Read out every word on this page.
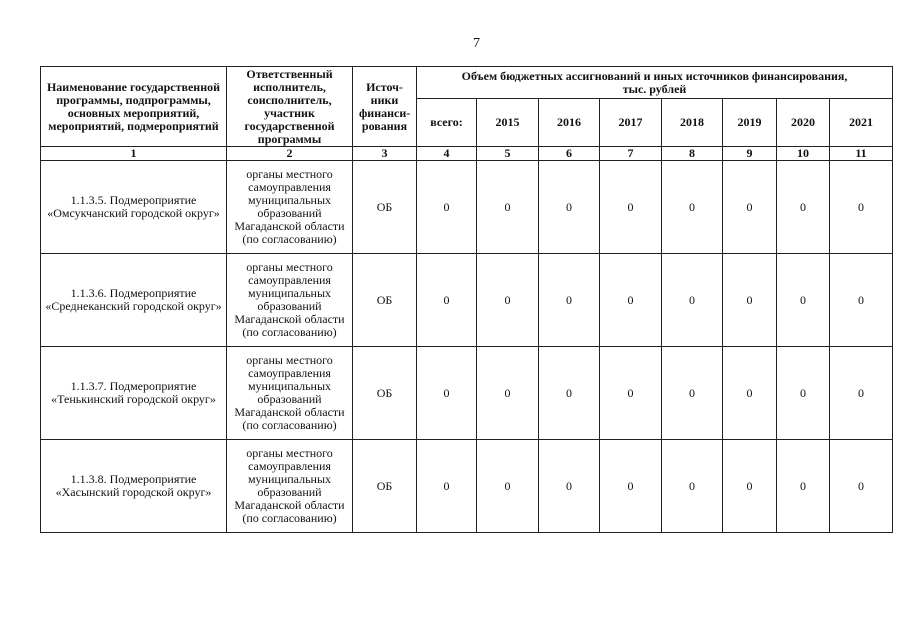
7
Наименование государственной программы, подпрограммы, основных мероприятий, мероприятий, подмероприятий	Ответственный исполнитель, соисполнитель, участник государственной программы	Источ- ники финанси- рования	Объем бюджетных ассигнований и иных источников финансирования, тыс. рублей							
			всего:	2015	2016	2017	2018	2019	2020	2021
1	2	3	4	5	6	7	8	9	10	11
1.1.3.5. Подмероприятие «Омсукчанский городской округ»	органы местного самоуправления муниципальных образований Магаданской области (по согласованию)	ОБ	0	0	0	0	0	0	0	0
1.1.3.6. Подмероприятие «Среднеканский городской округ»	органы местного самоуправления муниципальных образований Магаданской области (по согласованию)	ОБ	0	0	0	0	0	0	0	0
1.1.3.7. Подмероприятие «Тенькинский городской округ»	органы местного самоуправления муниципальных образований Магаданской области (по согласованию)	ОБ	0	0	0	0	0	0	0	0
1.1.3.8. Подмероприятие «Хасынский городской округ»	органы местного самоуправления муниципальных образований Магаданской области (по согласованию)	ОБ	0	0	0	0	0	0	0	0
